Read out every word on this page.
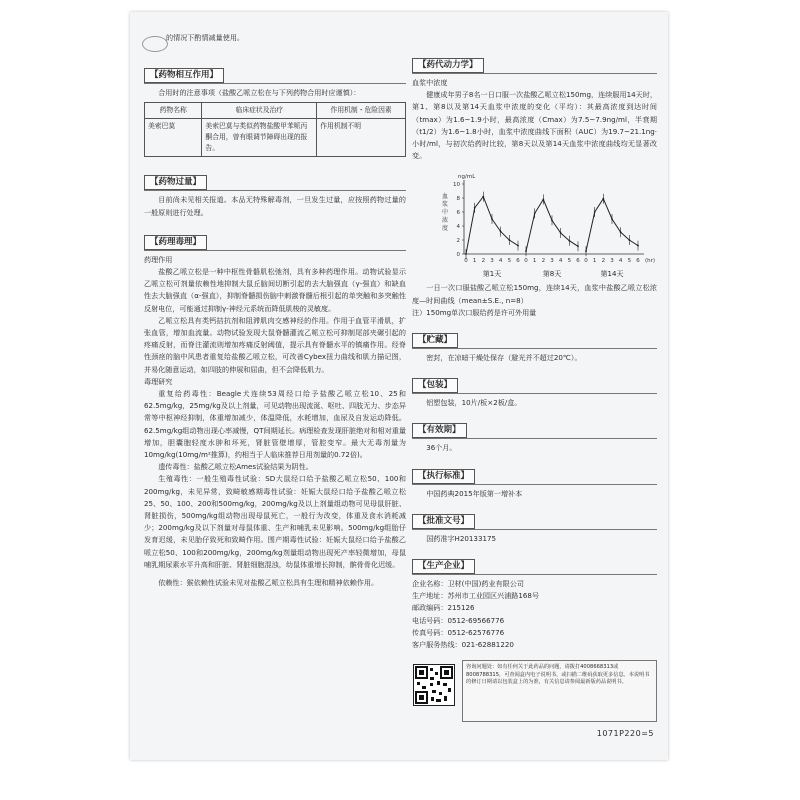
的情况下酌情减量使用。
【药物相互作用】
合用时的注意事项（盐酸乙哌立松在与下列药物合用时应谨慎）：
药物名称	临床症状及治疗	作用机制・危险因素
美索巴莫	美索巴莫与类似药物盐酸甲苯哌丙酮合用，曾有眼调节障碍出现的报告。	作用机制不明
【药物过量】
目前尚未见相关报道。本品无特殊解毒剂，一旦发生过量，应按照药物过量的一般原则进行处理。
【药理毒理】
药理作用
盐酸乙哌立松是一种中枢性骨骼肌松弛剂，具有多种药理作用。动物试验显示乙哌立松可剂量依赖性地抑制大鼠丘脑间切断引起的去大脑强直（γ-强直）和缺血性去大脑强直（α-强直），抑制脊髓损伤脑中刺激脊髓后根引起的单突触和多突触性反射电位，可能通过抑制γ-神经元系统而降低肌梭的灵敏度。
乙哌立松具有类钙拮抗剂和阻滞肌肉交感神经的作用。作用于血管平滑肌，扩张血管，增加血流量。动物试验发现大鼠脊髓灌流乙哌立松可抑制尾部夹碾引起的疼痛反射，而脊注灌流则增加疼痛反射阈值，提示具有脊髓水平的镇痛作用。经脊性颈痉的脑中风患者重复给盐酸乙哌立松，可改善Cybex扭力曲线和肌力描记图，并易化随意运动，如四肢的伸展和屈曲，但不会降低肌力。
毒理研究
重复给药毒性：Beagle犬连续53周经口给予盐酸乙哌立松10、25和62.5mg/kg，25mg/kg及以上剂量，可见动物出现流涎、呕吐、四肢无力、步态异常等中枢神经抑制，体重增加减少，体温降低，水耗增加，血尿及自发运动降低。62.5mg/kg组动物出现心率减慢，QT间期延长。病理检查发现肝脏绝对和相对重量增加，胆囊胞轻度水肿和坏死，肾脏管壁增厚，管腔变窄。最大无毒剂量为10mg/kg(10mg/m²推算)，约相当于人临床推荐日用剂量的0.72倍)。
遗传毒性：盐酸乙哌立松Ames试验结果为阴性。
生殖毒性：一般生殖毒性试验：SD大鼠经口给予盐酸乙哌立松50、100和200mg/kg，未见异常，致畸敏感期毒性试验：妊娠大鼠经口给予盐酸乙哌立松25、50、100、200和500mg/kg，200mg/kg及以上剂量组动物可见母鼠肝脏、肾脏损伤，500mg/kg组动物出现母鼠死亡，一般行为改变，体重及食水消耗减少；200mg/kg及以下剂量对母鼠体重、生产和哺乳未见影响。500mg/kg组胎仔发育迟缓，未见胎仔致死和致畸作用。围产期毒性试验：妊娠大鼠经口给予盐酸乙哌立松50、100和200mg/kg，200mg/kg剂量组动物出现死产率轻微增加，母鼠哺乳期尿素水平升高和肝脏、肾脏细胞混浊，幼鼠体重增长抑制，髌骨骨化迟缓。
依赖性：猴依赖性试验未见对盐酸乙哌立松具有生理和精神依赖作用。
【药代动力学】
血浆中浓度
健康成年男子8名一日口服一次盐酸乙哌立松150mg，连续服用14天时，第1、第8以及第14天血浆中浓度的变化（平均）：其最高浓度到达时间（tmax）为1.6~1.9小时，最高浓度（Cmax）为7.5~7.9ng/ml，半衰期（t1/2）为1.6~1.8小时，血浆中浓度曲线下面积（AUC）为19.7~21.1ng·小时/ml，与初次给药时比较，第8天以及第14天血浆中浓度曲线均无显著改变。
ng/mL
血
浆
中
浓
度
0
2
4
6
8
10
(hr)
0 1 2 3 4 5 6
第1天
0 1 2 3 4 5 6
第8天
0 1 2 3 4 5 6
第14天
一日一次口服盐酸乙哌立松150mg，连续14天，血浆中盐酸乙哌立松浓度—时间曲线（mean±S.E., n=8）
注）150mg单次口服给药是许可外用量
【贮藏】
密封，在凉暗干燥处保存（避光并不超过20℃）。
【包装】
铝塑包装，10片/板×2板/盒。
【有效期】
36个月。
【执行标准】
中国药典2015年版第一增补本
【批准文号】
国药准字H20133175
【生产企业】
企业名称：卫材(中国)药业有限公司
生产地址：苏州市工业园区兴浦路168号
邮政编码：215126
电话号码：0512-69566776
传真号码：0512-62576776
客户服务热线：021-62881220
咨询问题处：如有任何关于此药品的问题，请拨打4008668313或8008788315，可查阅盒内电子说明书，或扫描二维码获取更多信息。本说明书的修订日期请以包装盒上的为准，有关信息请参阅最新版药品说明书。
1071P220=5
